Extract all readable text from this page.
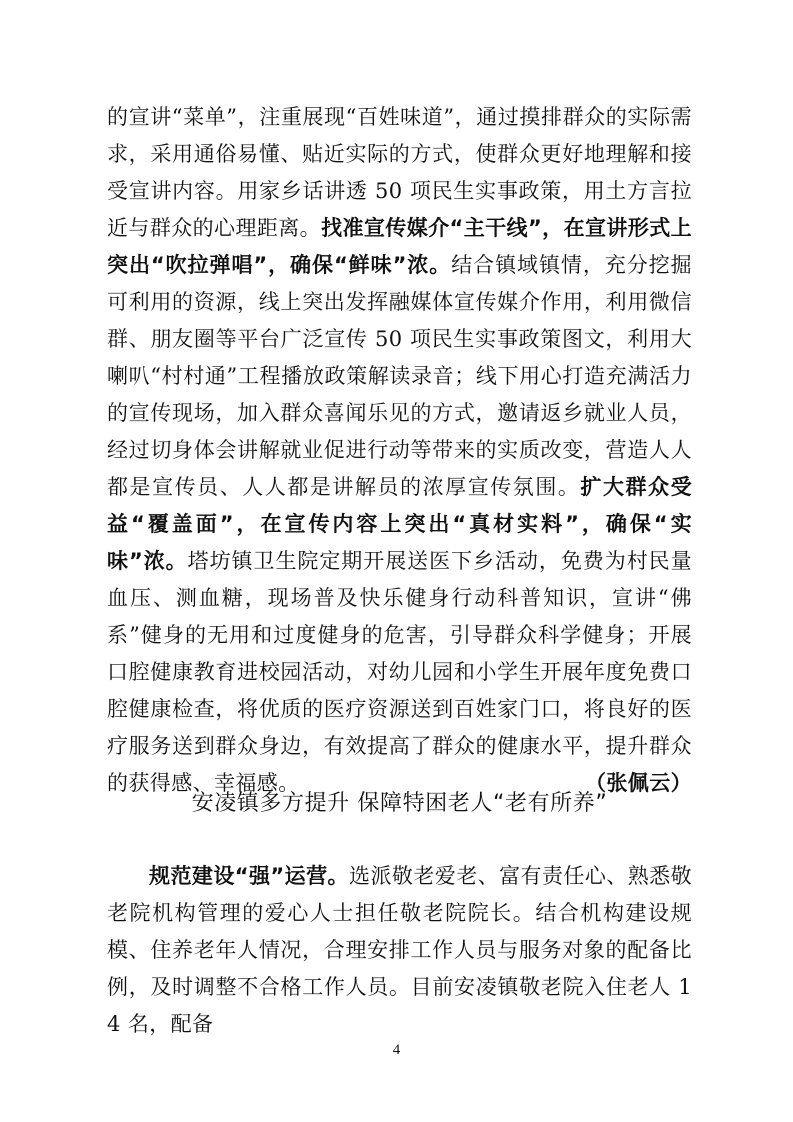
的宣讲“菜单”，注重展现“百姓味道”，通过摸排群众的实际需求，采用通俗易懂、贴近实际的方式，使群众更好地理解和接受宣讲内容。用家乡话讲透 50 项民生实事政策，用土方言拉近与群众的心理距离。找准宣传媒介“主干线”，在宣讲形式上突出“吹拉弹唱”，确保“鲜味”浓。结合镇域镇情，充分挖掘可利用的资源，线上突出发挥融媒体宣传媒介作用，利用微信群、朋友圈等平台广泛宣传 50 项民生实事政策图文，利用大喇叭“村村通”工程播放政策解读录音；线下用心打造充满活力的宣传现场，加入群众喜闻乐见的方式，邀请返乡就业人员，经过切身体会讲解就业促进行动等带来的实质改变，营造人人都是宣传员、人人都是讲解员的浓厚宣传氛围。扩大群众受益“覆盖面”，在宣传内容上突出“真材实料”，确保“实味”浓。塔坊镇卫生院定期开展送医下乡活动，免费为村民量血压、测血糖，现场普及快乐健身行动科普知识，宣讲“佛系”健身的无用和过度健身的危害，引导群众科学健身；开展口腔健康教育进校园活动，对幼儿园和小学生开展年度免费口腔健康检查，将优质的医疗资源送到百姓家门口，将良好的医疗服务送到群众身边，有效提高了群众的健康水平，提升群众的获得感、幸福感。	（张佩云）

安凌镇多方提升 保障特困老人“老有所养”

规范建设“强”运营。选派敬老爱老、富有责任心、熟悉敬老院机构管理的爱心人士担任敬老院院长。结合机构建设规模、住养老年人情况，合理安排工作人员与服务对象的配备比例，及时调整不合格工作人员。目前安凌镇敬老院入住老人 14 名，配备

4
